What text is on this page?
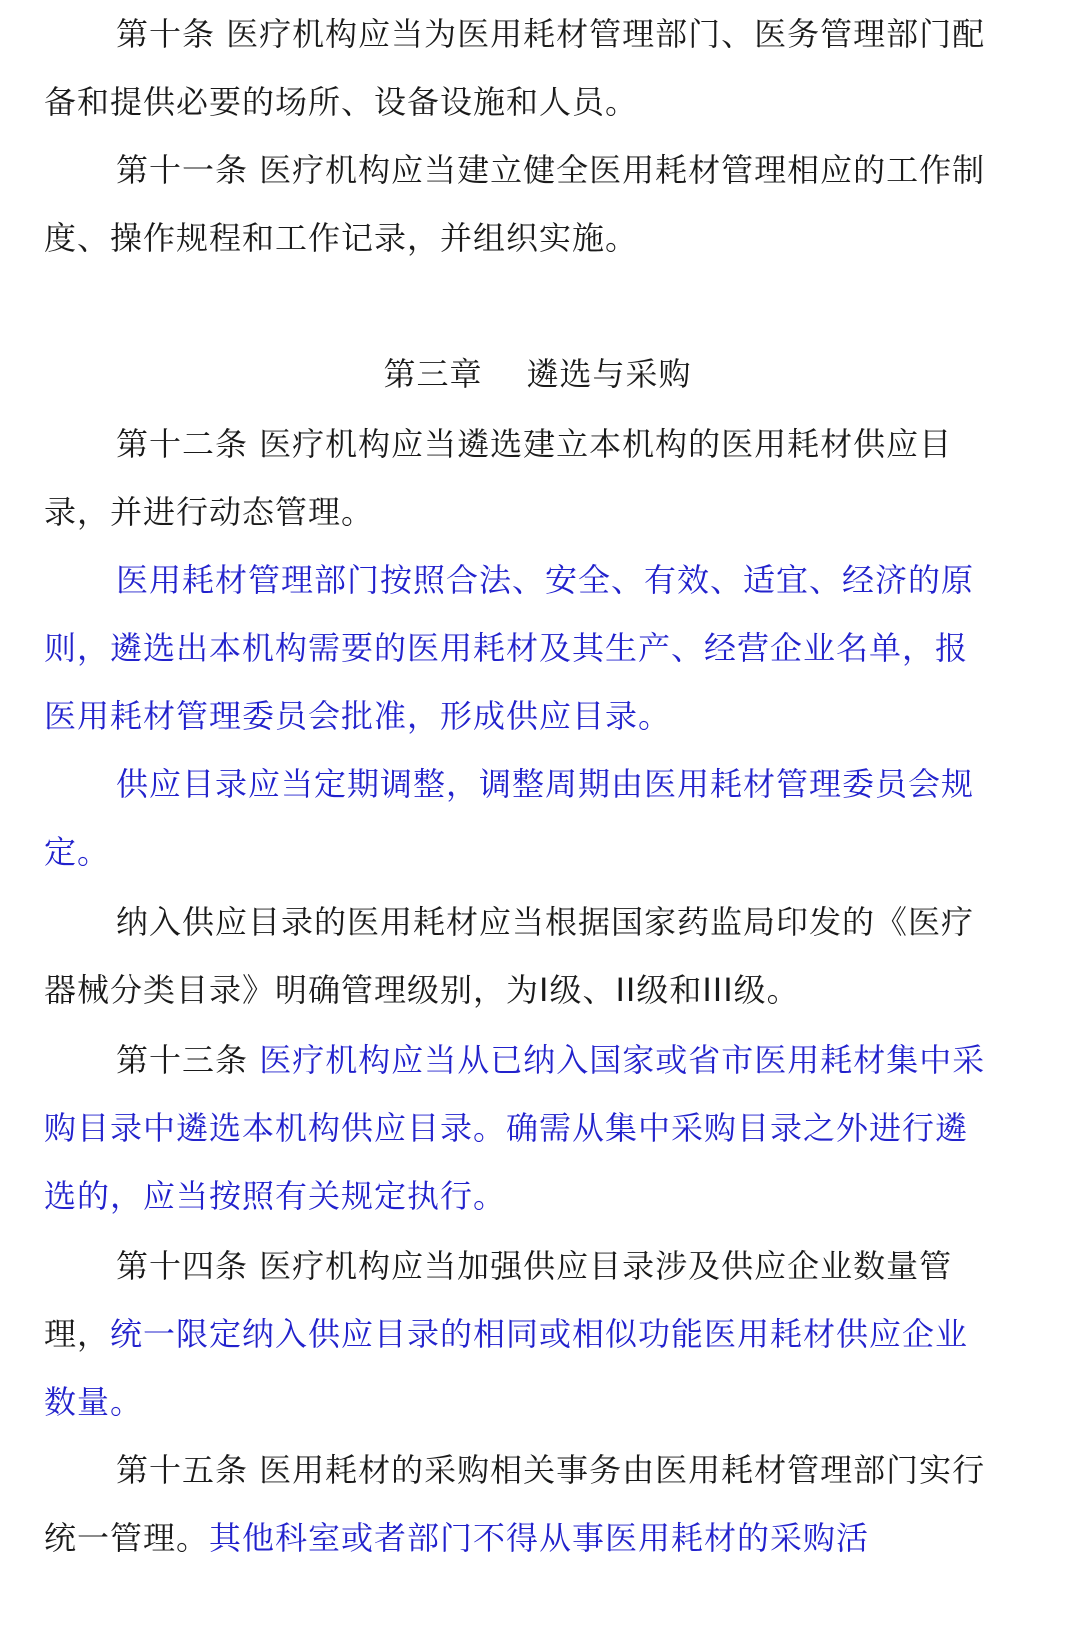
第十条 医疗机构应当为医用耗材管理部门、医务管理部门配备和提供必要的场所、设备设施和人员。

第十一条 医疗机构应当建立健全医用耗材管理相应的工作制度、操作规程和工作记录，并组织实施。

第三章 遴选与采购

第十二条 医疗机构应当遴选建立本机构的医用耗材供应目录，并进行动态管理。

医用耗材管理部门按照合法、安全、有效、适宜、经济的原则，遴选出本机构需要的医用耗材及其生产、经营企业名单，报医用耗材管理委员会批准，形成供应目录。

供应目录应当定期调整，调整周期由医用耗材管理委员会规定。

纳入供应目录的医用耗材应当根据国家药监局印发的《医疗器械分类目录》明确管理级别，为I级、II级和III级。

第十三条 医疗机构应当从已纳入国家或省市医用耗材集中采购目录中遴选本机构供应目录。确需从集中采购目录之外进行遴选的，应当按照有关规定执行。

第十四条 医疗机构应当加强供应目录涉及供应企业数量管理，统一限定纳入供应目录的相同或相似功能医用耗材供应企业数量。

第十五条 医用耗材的采购相关事务由医用耗材管理部门实行统一管理。其他科室或者部门不得从事医用耗材的采购活
